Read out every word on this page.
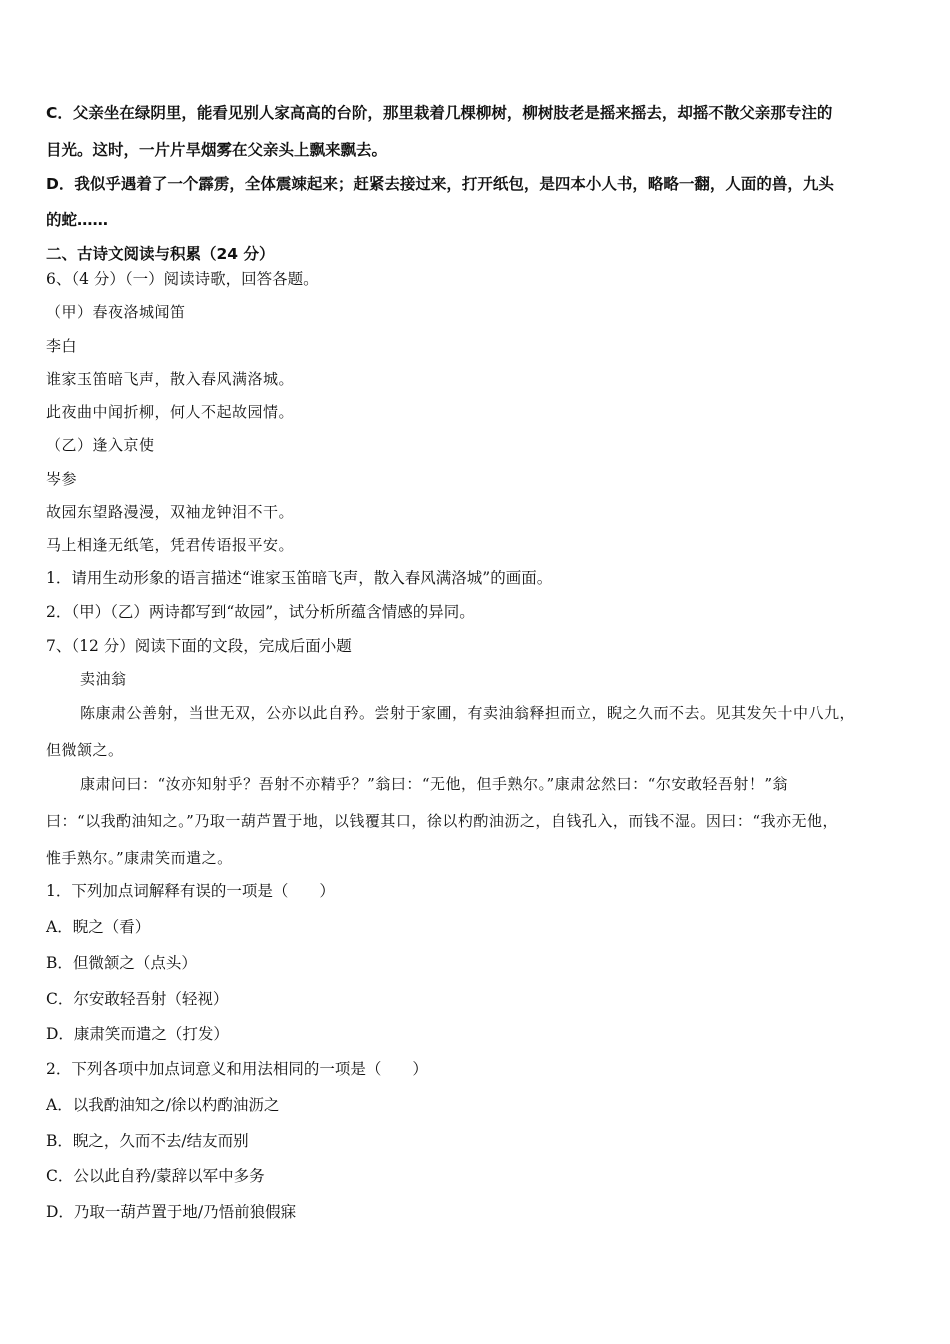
C．父亲坐在绿阴里，能看见别人家高高的台阶，那里栽着几棵柳树，柳树肢老是摇来摇去，却摇不散父亲那专注的
目光。这时，一片片旱烟雾在父亲头上飘来飘去。
D．我似乎遇着了一个霹雳，全体震竦起来；赶紧去接过来，打开纸包，是四本小人书，略略一翻，人面的兽，九头
的蛇……
二、古诗文阅读与积累（24 分）
6、（4 分）（一）阅读诗歌，回答各题。
（甲）春夜洛城闻笛
李白
谁家玉笛暗飞声，散入春风满洛城。
此夜曲中闻折柳，何人不起故园情。
（乙）逢入京使
岑参
故园东望路漫漫，双袖龙钟泪不干。
马上相逢无纸笔，凭君传语报平安。
1．请用生动形象的语言描述“谁家玉笛暗飞声，散入春风满洛城”的画面。
2．（甲）（乙）两诗都写到“故园”，试分析所蕴含情感的异同。
7、（12 分）阅读下面的文段，完成后面小题
卖油翁
陈康肃公善射，当世无双，公亦以此自矜。尝射于家圃，有卖油翁释担而立，睨之久而不去。见其发矢十中八九，
但微颔之。
康肃问曰：“汝亦知射乎？吾射不亦精乎？”翁曰：“无他，但手熟尔。”康肃忿然曰：“尔安敢轻吾射！”翁
曰：“以我酌油知之。”乃取一葫芦置于地，以钱覆其口，徐以杓酌油沥之，自钱孔入，而钱不湿。因曰：“我亦无他，
惟手熟尔。”康肃笑而遣之。
1．下列加点词解释有误的一项是（　　）
A．睨之（看）
B．但微颔之（点头）
C．尔安敢轻吾射（轻视）
D．康肃笑而遣之（打发）
2．下列各项中加点词意义和用法相同的一项是（　　）
A．以我酌油知之/徐以杓酌油沥之
B．睨之，久而不去/结友而别
C．公以此自矜/蒙辞以军中多务
D．乃取一葫芦置于地/乃悟前狼假寐
